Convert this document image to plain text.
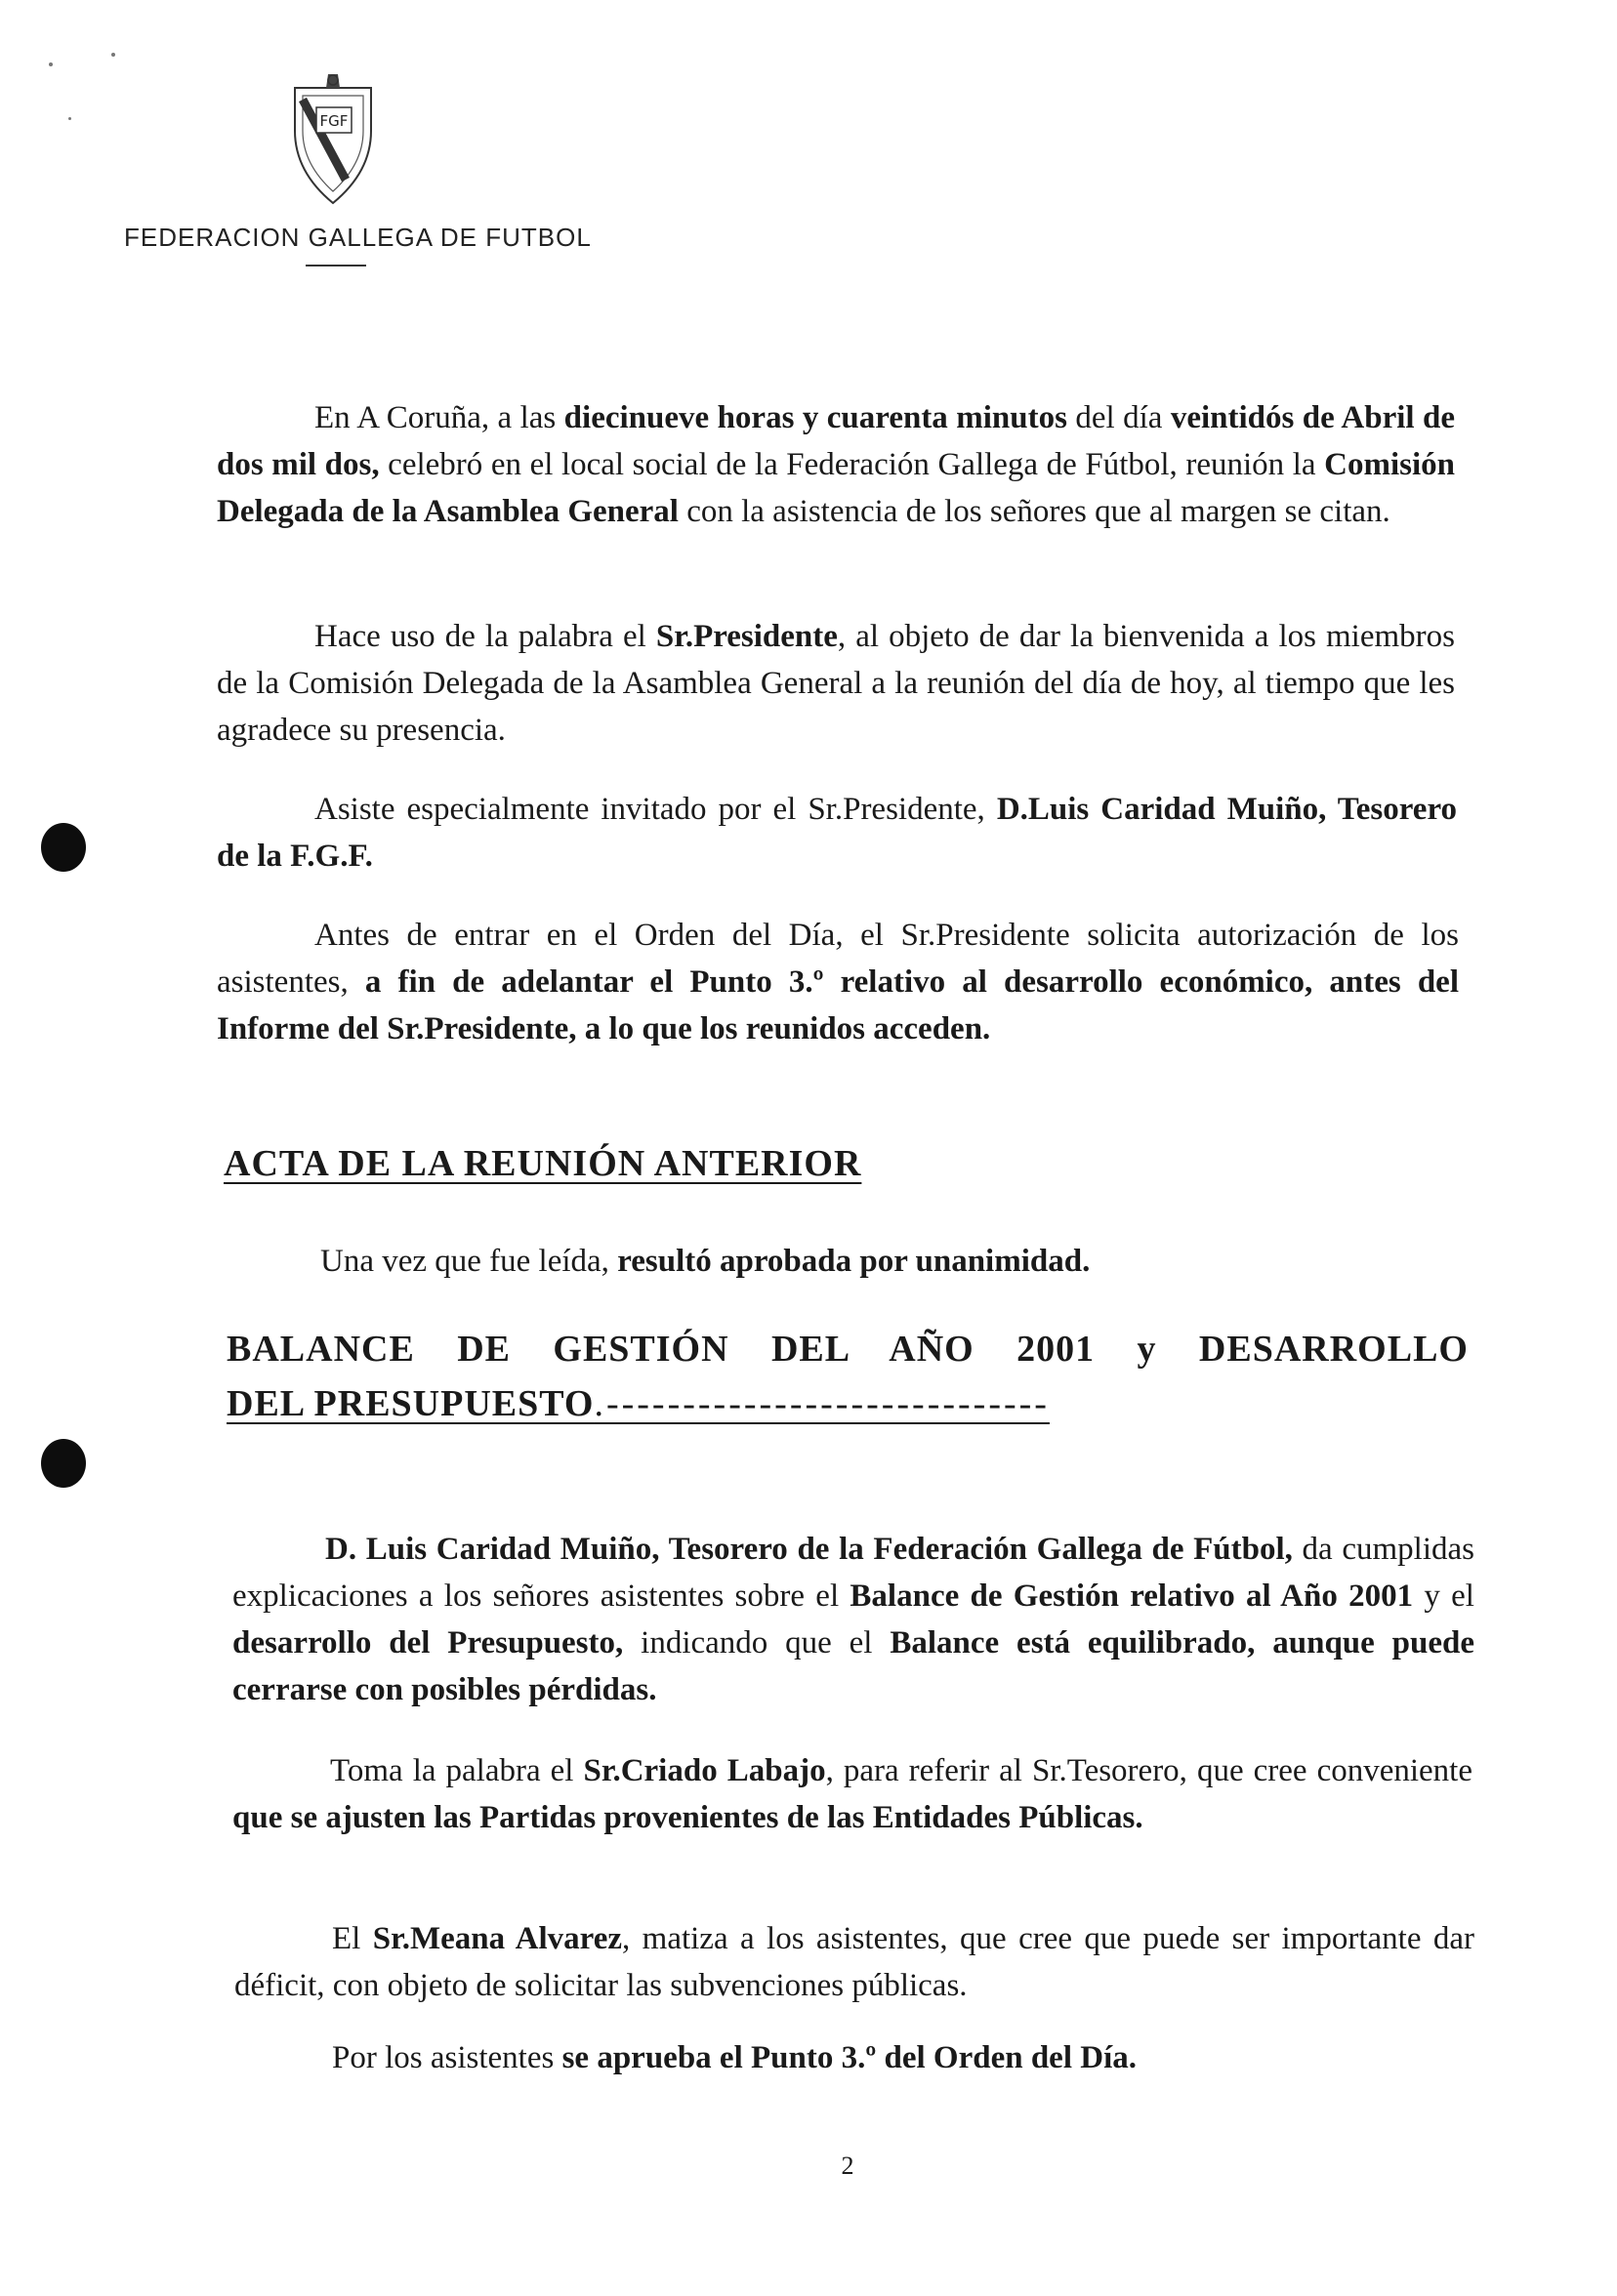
FGF
FEDERACION GALLEGA DE FUTBOL

En A Coruña, a las diecinueve horas y cuarenta minutos del día veintidós de Abril de dos mil dos, celebró en el local social de la Federación Gallega de Fútbol, reunión la Comisión Delegada de la Asamblea General con la asistencia de los señores que al margen se citan.

Hace uso de la palabra el Sr.Presidente, al objeto de dar la bienvenida a los miembros de la Comisión Delegada de la Asamblea General a la reunión del día de hoy, al tiempo que les agradece su presencia.

Asiste especialmente invitado por el Sr.Presidente, D.Luis Caridad Muiño, Tesorero de la F.G.F.

Antes de entrar en el Orden del Día, el Sr.Presidente solicita autorización de los asistentes, a fin de adelantar el Punto 3.º relativo al desarrollo económico, antes del Informe del Sr.Presidente, a lo que los reunidos acceden.

ACTA DE LA REUNIÓN ANTERIOR

Una vez que fue leída, resultó aprobada por unanimidad.

BALANCE DE GESTIÓN DEL AÑO 2001 y DESARROLLO
DEL PRESUPUESTO.-----------------------------

D. Luis Caridad Muiño, Tesorero de la Federación Gallega de Fútbol, da cumplidas explicaciones a los señores asistentes sobre el Balance de Gestión relativo al Año 2001 y el desarrollo del Presupuesto, indicando que el Balance está equilibrado, aunque puede cerrarse con posibles pérdidas.

Toma la palabra el Sr.Criado Labajo, para referir al Sr.Tesorero, que cree conveniente que se ajusten las Partidas provenientes de las Entidades Públicas.

El Sr.Meana Alvarez, matiza a los asistentes, que cree que puede ser importante dar déficit, con objeto de solicitar las subvenciones públicas.

Por los asistentes se aprueba el Punto 3.º del Orden del Día.

2
